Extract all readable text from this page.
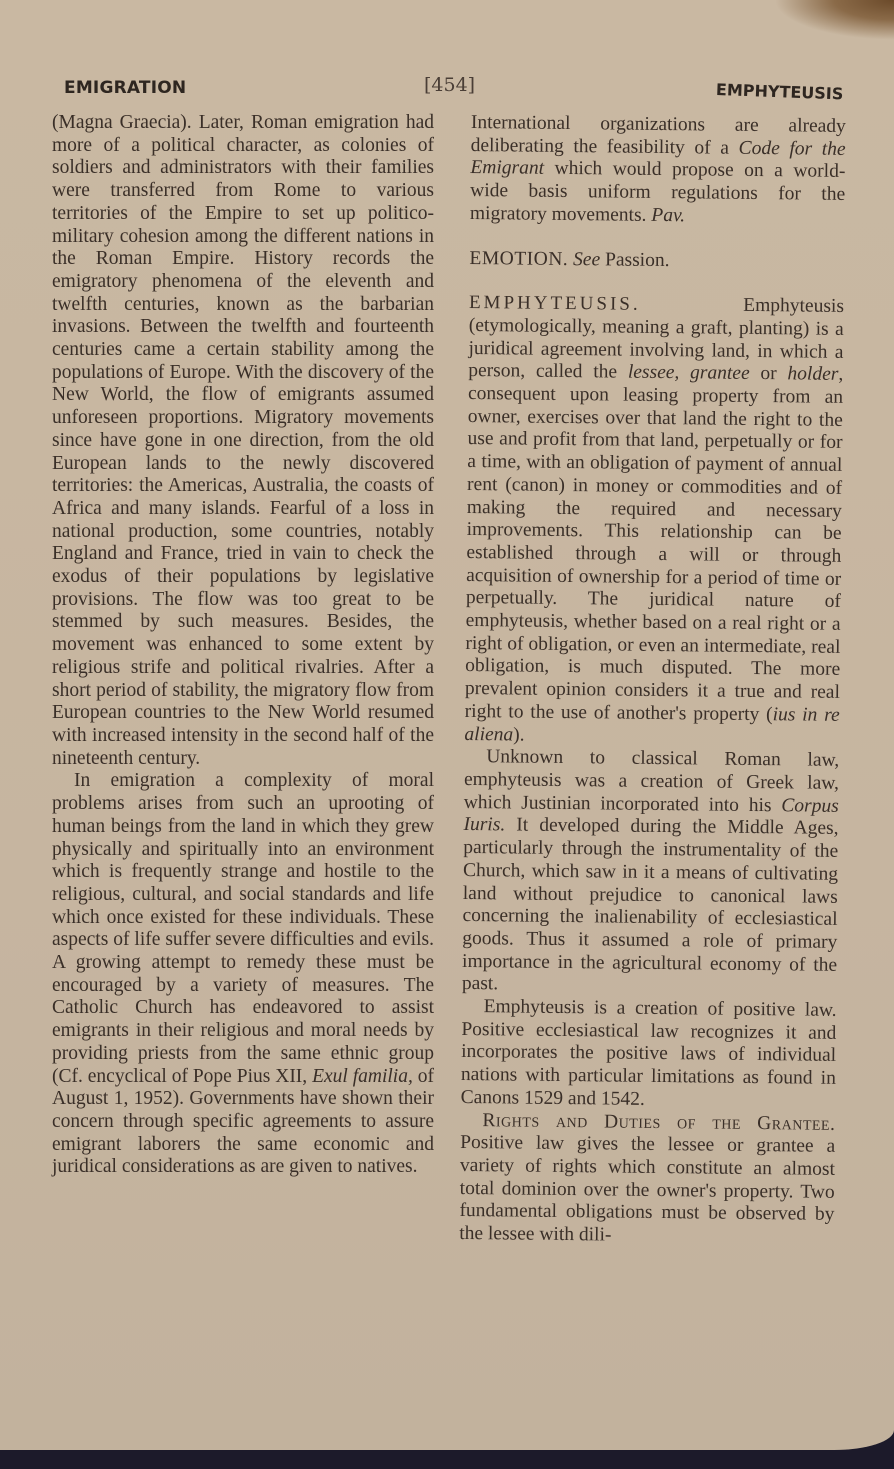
EMIGRATION	[454]	EMPHYTEUSIS

(Magna Graecia). Later, Roman emigration had more of a political character, as colonies of soldiers and administrators with their families were transferred from Rome to various territories of the Empire to set up politico-military cohesion among the different nations in the Roman Empire. History records the emigratory phenomena of the eleventh and twelfth centuries, known as the barbarian invasions. Between the twelfth and fourteenth centuries came a certain stability among the populations of Europe. With the discovery of the New World, the flow of emigrants assumed unforeseen proportions. Migratory movements since have gone in one direction, from the old European lands to the newly discovered territories: the Americas, Australia, the coasts of Africa and many islands. Fearful of a loss in national production, some countries, notably England and France, tried in vain to check the exodus of their populations by legislative provisions. The flow was too great to be stemmed by such measures. Besides, the movement was enhanced to some extent by religious strife and political rivalries. After a short period of stability, the migratory flow from European countries to the New World resumed with increased intensity in the second half of the nineteenth century.

In emigration a complexity of moral problems arises from such an uprooting of human beings from the land in which they grew physically and spiritually into an environment which is frequently strange and hostile to the religious, cultural, and social standards and life which once existed for these individuals. These aspects of life suffer severe difficulties and evils. A growing attempt to remedy these must be encouraged by a variety of measures. The Catholic Church has endeavored to assist emigrants in their religious and moral needs by providing priests from the same ethnic group (Cf. encyclical of Pope Pius XII, Exul familia, of August 1, 1952). Governments have shown their concern through specific agreements to assure emigrant laborers the same economic and juridical considerations as are given to natives.

International organizations are already deliberating the feasibility of a Code for the Emigrant which would propose on a world-wide basis uniform regulations for the migratory movements. Pav.

EMOTION. See Passion.

EMPHYTEUSIS. Emphyteusis (etymologically, meaning a graft, planting) is a juridical agreement involving land, in which a person, called the lessee, grantee or holder, consequent upon leasing property from an owner, exercises over that land the right to the use and profit from that land, perpetually or for a time, with an obligation of payment of annual rent (canon) in money or commodities and of making the required and necessary improvements. This relationship can be established through a will or through acquisition of ownership for a period of time or perpetually. The juridical nature of emphyteusis, whether based on a real right or a right of obligation, or even an intermediate, real obligation, is much disputed. The more prevalent opinion considers it a true and real right to the use of another's property (ius in re aliena).

Unknown to classical Roman law, emphyteusis was a creation of Greek law, which Justinian incorporated into his Corpus Iuris. It developed during the Middle Ages, particularly through the instrumentality of the Church, which saw in it a means of cultivating land without prejudice to canonical laws concerning the inalienability of ecclesiastical goods. Thus it assumed a role of primary importance in the agricultural economy of the past.

Emphyteusis is a creation of positive law. Positive ecclesiastical law recognizes it and incorporates the positive laws of individual nations with particular limitations as found in Canons 1529 and 1542.

Rights and Duties of the Grantee. Positive law gives the lessee or grantee a variety of rights which constitute an almost total dominion over the owner's property. Two fundamental obligations must be observed by the lessee with dili-
